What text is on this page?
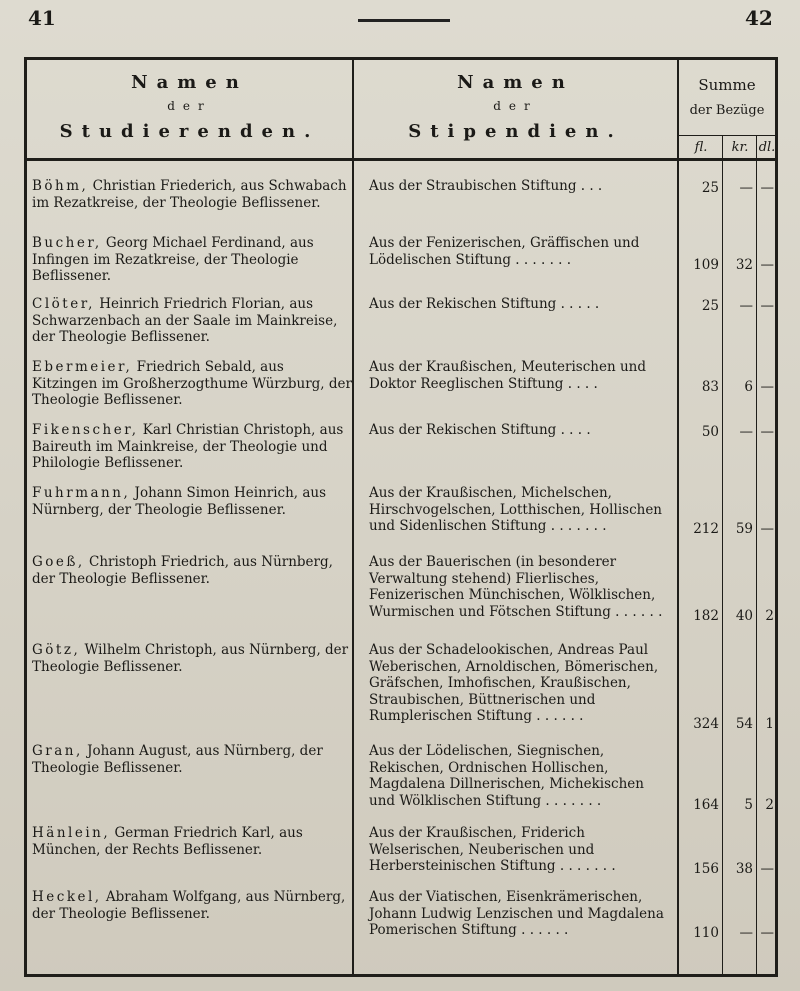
41	42
Namen
der
Studierenden.
Namen
der
Stipendien.
Summe
der Bezüge
fl.	kr. dl.
Böhm, Christian Friederich, aus Schwabach im Rezatkreise, der Theologie Beflissener.
Aus der Straubischen Stiftung . . .	25	— —
Bucher, Georg Michael Ferdinand, aus Infingen im Rezatkreise, der Theologie Beflissener.
Aus der Fenizerischen, Gräffischen und Lödelischen Stiftung . . . . . . .	109	32 —
Clöter, Heinrich Friedrich Florian, aus Schwarzenbach an der Saale im Mainkreise, der Theologie Beflissener.
Aus der Rekischen Stiftung . . . . .	25	— —
Ebermeier, Friedrich Sebald, aus Kitzingen im Großherzogthume Würzburg, der Theologie Beflissener.
Aus der Kraußischen, Meuterischen und Doktor Reeglischen Stiftung . . . .	83	6 —
Fikenscher, Karl Christian Christoph, aus Baireuth im Mainkreise, der Theologie und Philologie Beflissener.
Aus der Rekischen Stiftung . . . .	50	— —
Fuhrmann, Johann Simon Heinrich, aus Nürnberg, der Theologie Beflissener.
Aus der Kraußischen, Michelschen, Hirschvogelschen, Lotthischen, Hollischen und Sidenlischen Stiftung . . . . . . .	212	59 —
Goeß, Christoph Friedrich, aus Nürnberg, der Theologie Beflissener.
Aus der Bauerischen (in besonderer Verwaltung stehend) Flierlisches, Fenizerischen Münchischen, Wölklischen, Wurmischen und Fötschen Stiftung . . . . . .	182	40 2
Götz, Wilhelm Christoph, aus Nürnberg, der Theologie Beflissener.
Aus der Schadelookischen, Andreas Paul Weberischen, Arnoldischen, Bömerischen, Gräfschen, Imhofischen, Kraußischen, Straubischen, Büttnerischen und Rumplerischen Stiftung . . . . . .	324	54 1
Gran, Johann August, aus Nürnberg, der Theologie Beflissener.
Aus der Lödelischen, Siegnischen, Rekischen, Ordnischen Hollischen, Magdalena Dillnerischen, Michekischen und Wölklischen Stiftung . . . . . . .	164	5 2
Hänlein, German Friedrich Karl, aus München, der Rechts Beflissener.
Aus der Kraußischen, Friderich Welserischen, Neuberischen und Herbersteinischen Stiftung . . . . . . .	156	38 —
Heckel, Abraham Wolfgang, aus Nürnberg, der Theologie Beflissener.
Aus der Viatischen, Eisenkrämerischen, Johann Ludwig Lenzischen und Magdalena Pomerischen Stiftung . . . . . .	110	— —
